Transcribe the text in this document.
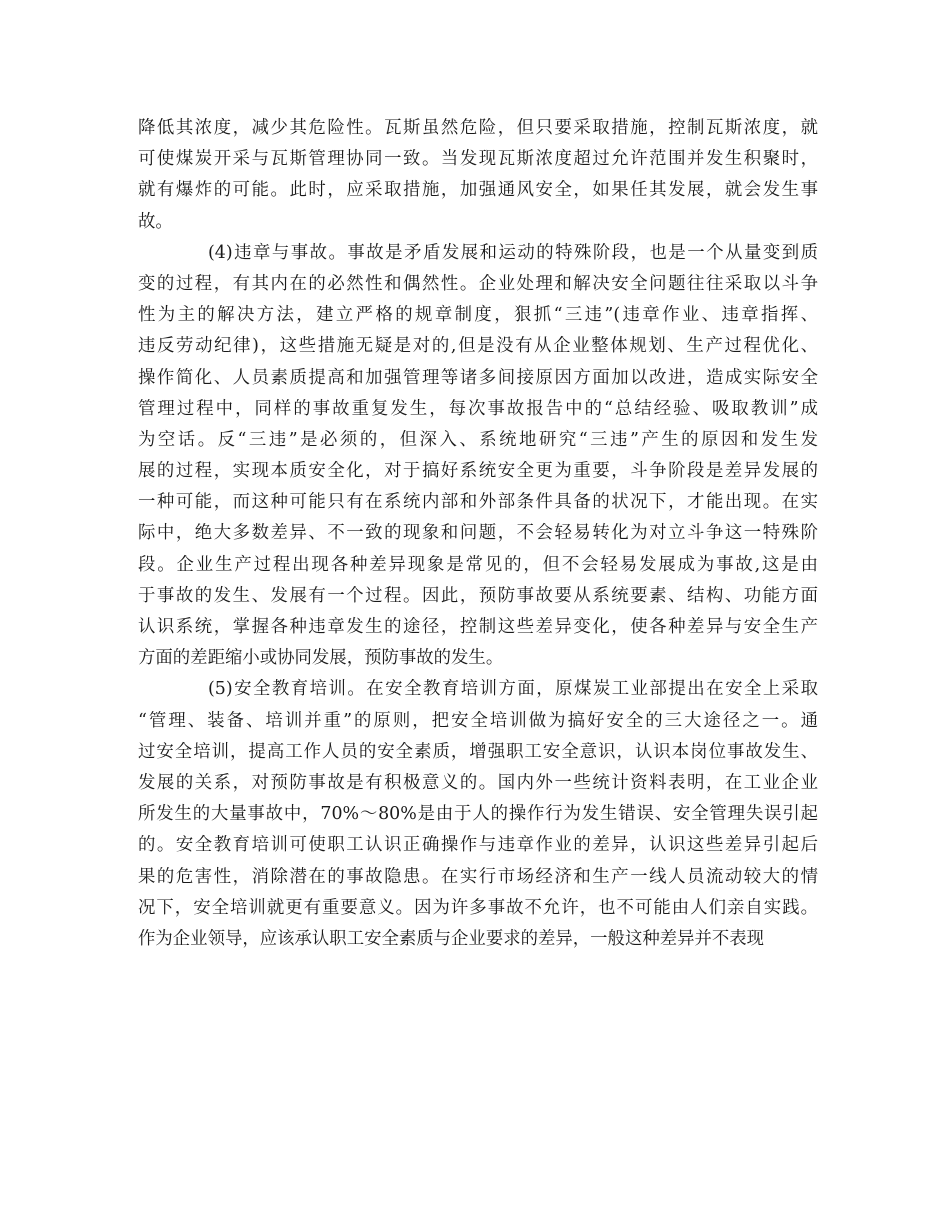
降低其浓度，减少其危险性。瓦斯虽然危险，但只要采取措施，控制瓦斯浓度，就
可使煤炭开采与瓦斯管理协同一致。当发现瓦斯浓度超过允许范围并发生积聚时，
就有爆炸的可能。此时，应采取措施，加强通风安全，如果任其发展，就会发生事
故。
(4)违章与事故。事故是矛盾发展和运动的特殊阶段，也是一个从量变到质
变的过程，有其内在的必然性和偶然性。企业处理和解决安全问题往往采取以斗争
性为主的解决方法，建立严格的规章制度，狠抓“三违”(违章作业、违章指挥、
违反劳动纪律)，这些措施无疑是对的,但是没有从企业整体规划、生产过程优化、
操作简化、人员素质提高和加强管理等诸多间接原因方面加以改进，造成实际安全
管理过程中，同样的事故重复发生，每次事故报告中的“总结经验、吸取教训”成
为空话。反“三违”是必须的，但深入、系统地研究“三违”产生的原因和发生发
展的过程，实现本质安全化，对于搞好系统安全更为重要，斗争阶段是差异发展的
一种可能，而这种可能只有在系统内部和外部条件具备的状况下，才能出现。在实
际中，绝大多数差异、不一致的现象和问题，不会轻易转化为对立斗争这一特殊阶
段。企业生产过程出现各种差异现象是常见的，但不会轻易发展成为事故,这是由
于事故的发生、发展有一个过程。因此，预防事故要从系统要素、结构、功能方面
认识系统，掌握各种违章发生的途径，控制这些差异变化，使各种差异与安全生产
方面的差距缩小或协同发展，预防事故的发生。
(5)安全教育培训。在安全教育培训方面，原煤炭工业部提出在安全上采取
“管理、装备、培训并重”的原则，把安全培训做为搞好安全的三大途径之一。通
过安全培训，提高工作人员的安全素质，增强职工安全意识，认识本岗位事故发生、
发展的关系，对预防事故是有积极意义的。国内外一些统计资料表明，在工业企业
所发生的大量事故中，70%～80%是由于人的操作行为发生错误、安全管理失误引起
的。安全教育培训可使职工认识正确操作与违章作业的差异，认识这些差异引起后
果的危害性，消除潜在的事故隐患。在实行市场经济和生产一线人员流动较大的情
况下，安全培训就更有重要意义。因为许多事故不允许，也不可能由人们亲自实践。
作为企业领导，应该承认职工安全素质与企业要求的差异，一般这种差异并不表现
